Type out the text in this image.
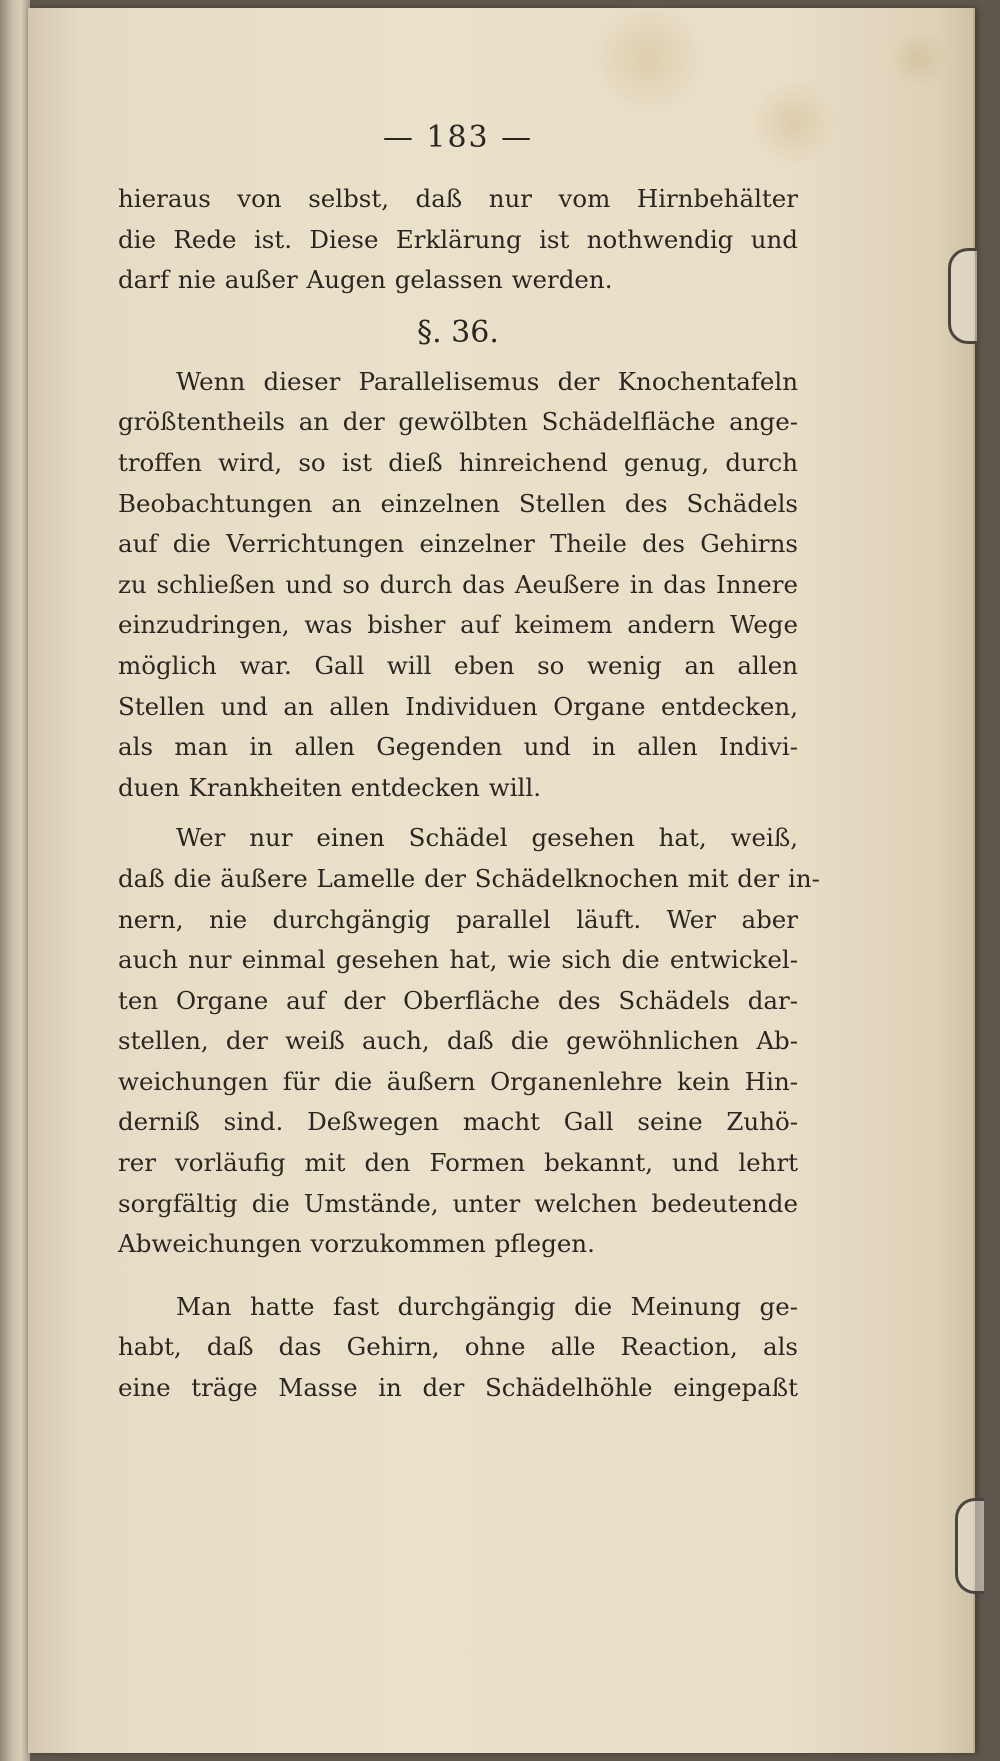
— 183 —
hieraus von selbst, daß nur vom Hirnbehälter
die Rede ist. Diese Erklärung ist nothwendig und
darf nie außer Augen gelassen werden.
§. 36.
Wenn dieser Parallelisemus der Knochentafeln
größtentheils an der gewölbten Schädelfläche ange-
troffen wird, so ist dieß hinreichend genug, durch
Beobachtungen an einzelnen Stellen des Schädels
auf die Verrichtungen einzelner Theile des Gehirns
zu schließen und so durch das Aeußere in das Innere
einzudringen, was bisher auf keimem andern Wege
möglich war. Gall will eben so wenig an allen
Stellen und an allen Individuen Organe entdecken,
als man in allen Gegenden und in allen Indivi-
duen Krankheiten entdecken will.
Wer nur einen Schädel gesehen hat, weiß,
daß die äußere Lamelle der Schädelknochen mit der in-
nern, nie durchgängig parallel läuft. Wer aber
auch nur einmal gesehen hat, wie sich die entwickel-
ten Organe auf der Oberfläche des Schädels dar-
stellen, der weiß auch, daß die gewöhnlichen Ab-
weichungen für die äußern Organenlehre kein Hin-
derniß sind. Deßwegen macht Gall seine Zuhö-
rer vorläufig mit den Formen bekannt, und lehrt
sorgfältig die Umstände, unter welchen bedeutende
Abweichungen vorzukommen pflegen.
Man hatte fast durchgängig die Meinung ge-
habt, daß das Gehirn, ohne alle Reaction, als
eine träge Masse in der Schädelhöhle eingepaßt
